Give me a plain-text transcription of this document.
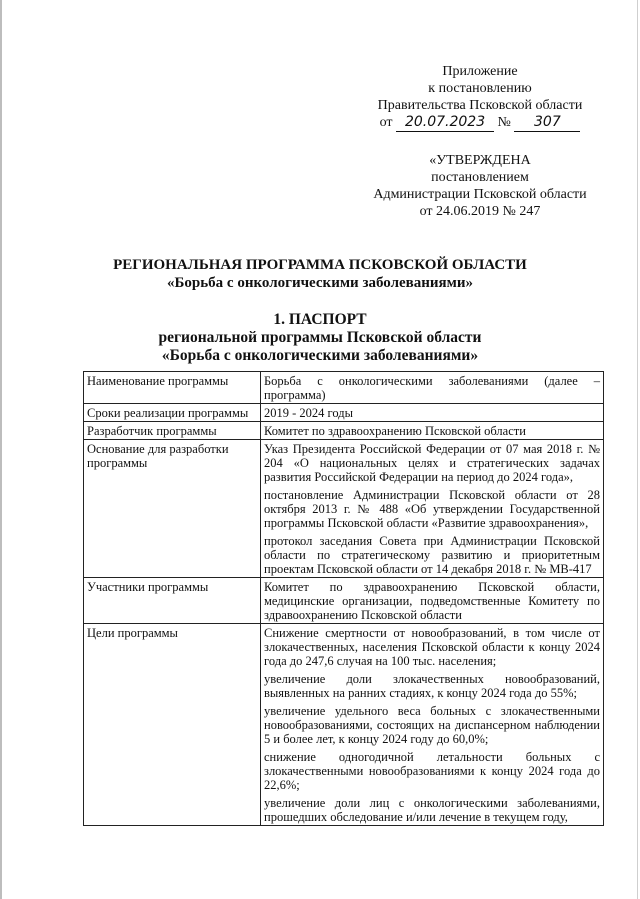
Приложение
к постановлению
Правительства Псковской области
от 20.07.2023 № 307
«УТВЕРЖДЕНА
постановлением
Администрации Псковской области
от 24.06.2019 № 247
РЕГИОНАЛЬНАЯ ПРОГРАММА ПСКОВСКОЙ ОБЛАСТИ
«Борьба с онкологическими заболеваниями»
1. ПАСПОРТ
региональной программы Псковской области
«Борьба с онкологическими заболеваниями»
Наименование программы	Борьба с онкологическими заболеваниями (далее – программа)

Сроки реализации программы	2019 - 2024 годы

Разработчик программы	Комитет по здравоохранению Псковской области

Основание для разработки программы	Указ Президента Российской Федерации от 07 мая 2018 г. № 204 «О национальных целях и стратегических задачах развития Российской Федерации на период до 2024 года»,
постановление Администрации Псковской области от 28 октября 2013 г. № 488 «Об утверждении Государственной программы Псковской области «Развитие здравоохранения»,
протокол заседания Совета при Администрации Псковской области по стратегическому развитию и приоритетным проектам Псковской области от 14 декабря 2018 г. № МВ-417

Участники программы	Комитет по здравоохранению Псковской области, медицинские организации, подведомственные Комитету по здравоохранению Псковской области

Цели программы	Снижение смертности от новообразований, в том числе от злокачественных, населения Псковской области к концу 2024 года до 247,6 случая на 100 тыс. населения;
увеличение доли злокачественных новообразований, выявленных на ранних стадиях, к концу 2024 года до 55%;
увеличение удельного веса больных с злокачественными новообразованиями, состоящих на диспансерном наблюдении 5 и более лет, к концу 2024 году до 60,0%;
снижение одногодичной летальности больных с злокачественными новообразованиями к концу 2024 года до 22,6%;
увеличение доли лиц с онкологическими заболеваниями, прошедших обследование и/или лечение в текущем году,
